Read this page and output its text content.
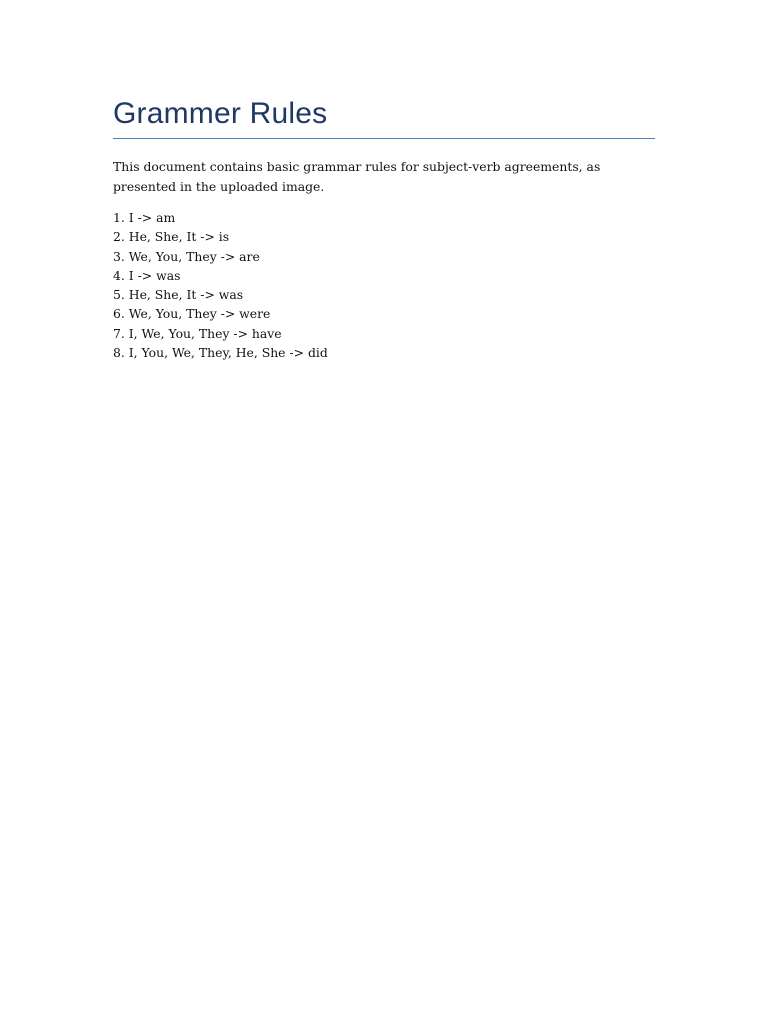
Grammer Rules

This document contains basic grammar rules for subject-verb agreements, as presented in the uploaded image.

1. I -> am
2. He, She, It -> is
3. We, You, They -> are
4. I -> was
5. He, She, It -> was
6. We, You, They -> were
7. I, We, You, They -> have
8. I, You, We, They, He, She -> did
